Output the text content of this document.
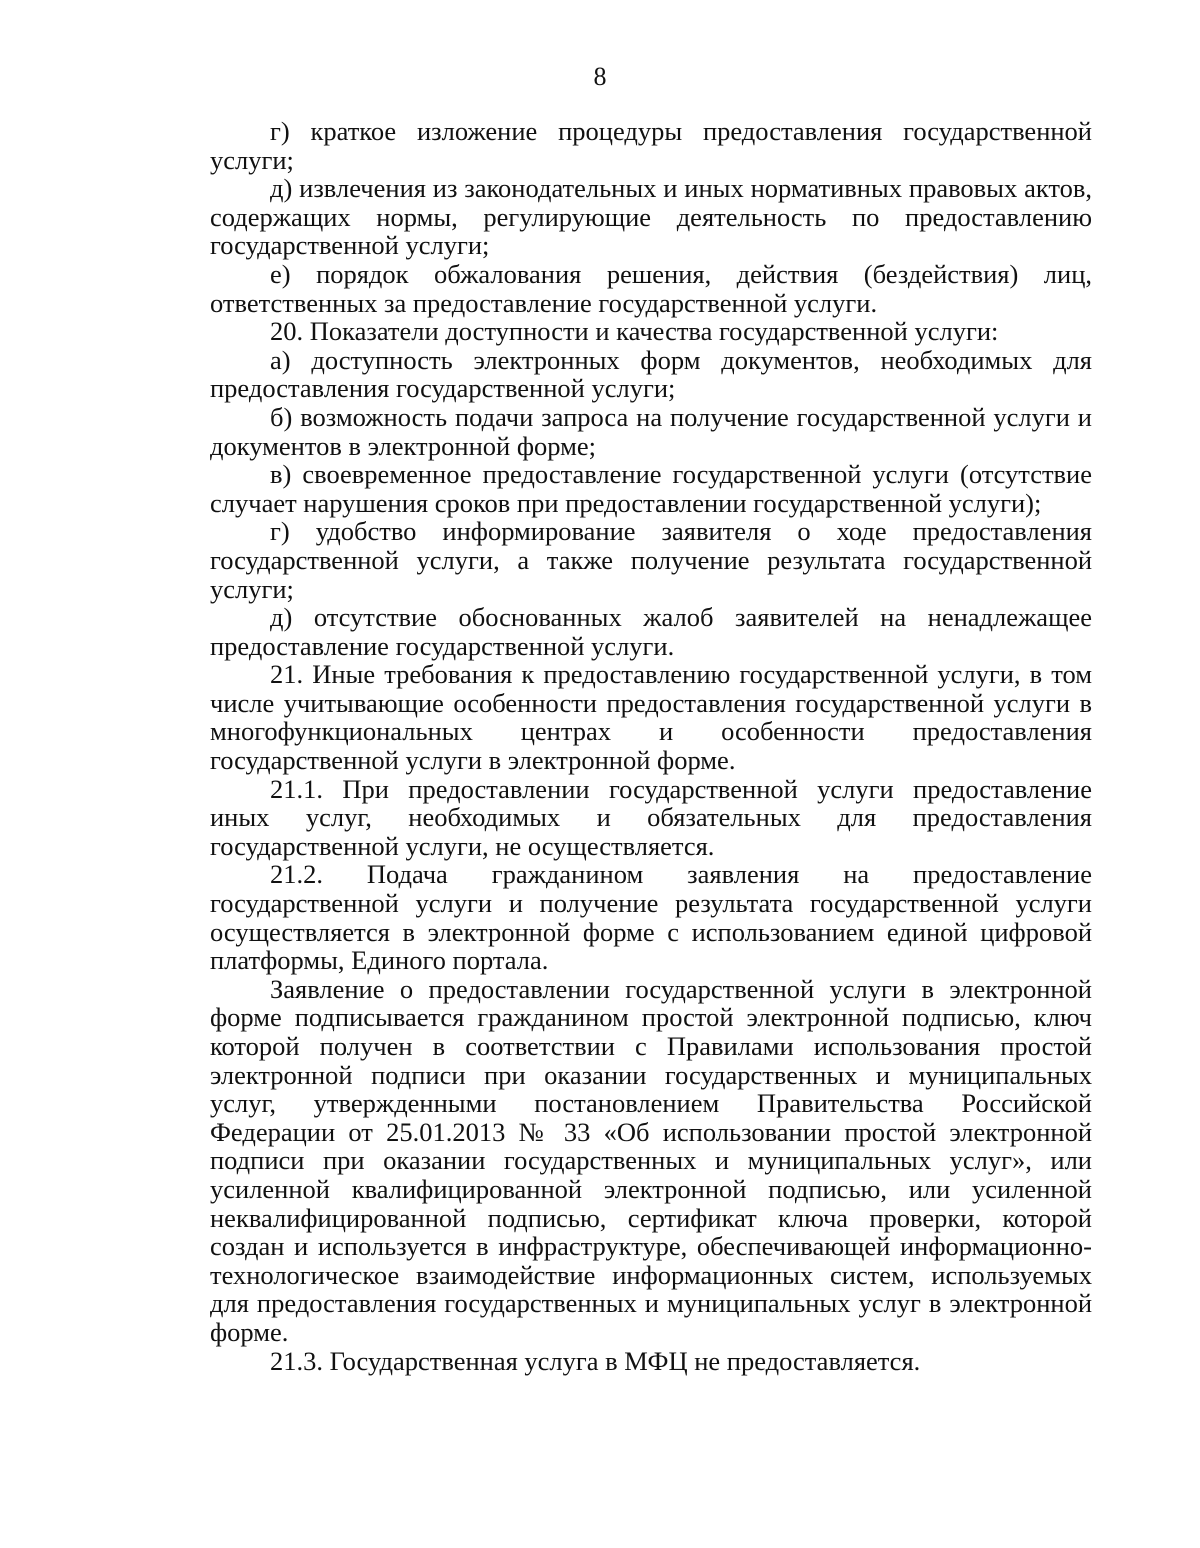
8

г) краткое изложение процедуры предоставления государственной услуги;

д) извлечения из законодательных и иных нормативных правовых актов, содержащих нормы, регулирующие деятельность по предоставлению государственной услуги;

е) порядок обжалования решения, действия (бездействия) лиц, ответственных за предоставление государственной услуги.

20. Показатели доступности и качества государственной услуги:

а) доступность электронных форм документов, необходимых для предоставления государственной услуги;

б) возможность подачи запроса на получение государственной услуги и документов в электронной форме;

в) своевременное предоставление государственной услуги (отсутствие случает нарушения сроков при предоставлении государственной услуги);

г) удобство информирование заявителя о ходе предоставления государственной услуги, а также получение результата государственной услуги;

д) отсутствие обоснованных жалоб заявителей на ненадлежащее предоставление государственной услуги.

21. Иные требования к предоставлению государственной услуги, в том числе учитывающие особенности предоставления государственной услуги в многофункциональных центрах и особенности предоставления государственной услуги в электронной форме.

21.1. При предоставлении государственной услуги предоставление иных услуг, необходимых и обязательных для предоставления государственной услуги, не осуществляется.

21.2. Подача гражданином заявления на предоставление государственной услуги и получение результата государственной услуги осуществляется в электронной форме с использованием единой цифровой платформы, Единого портала.

Заявление о предоставлении государственной услуги в электронной форме подписывается гражданином простой электронной подписью, ключ которой получен в соответствии с Правилами использования простой электронной подписи при оказании государственных и муниципальных услуг, утвержденными постановлением Правительства Российской Федерации от 25.01.2013 № 33 «Об использовании простой электронной подписи при оказании государственных и муниципальных услуг», или усиленной квалифицированной электронной подписью, или усиленной неквалифицированной подписью, сертификат ключа проверки, которой создан и используется в инфраструктуре, обеспечивающей информационно-технологическое взаимодействие информационных систем, используемых для предоставления государственных и муниципальных услуг в электронной форме.

21.3. Государственная услуга в МФЦ не предоставляется.
